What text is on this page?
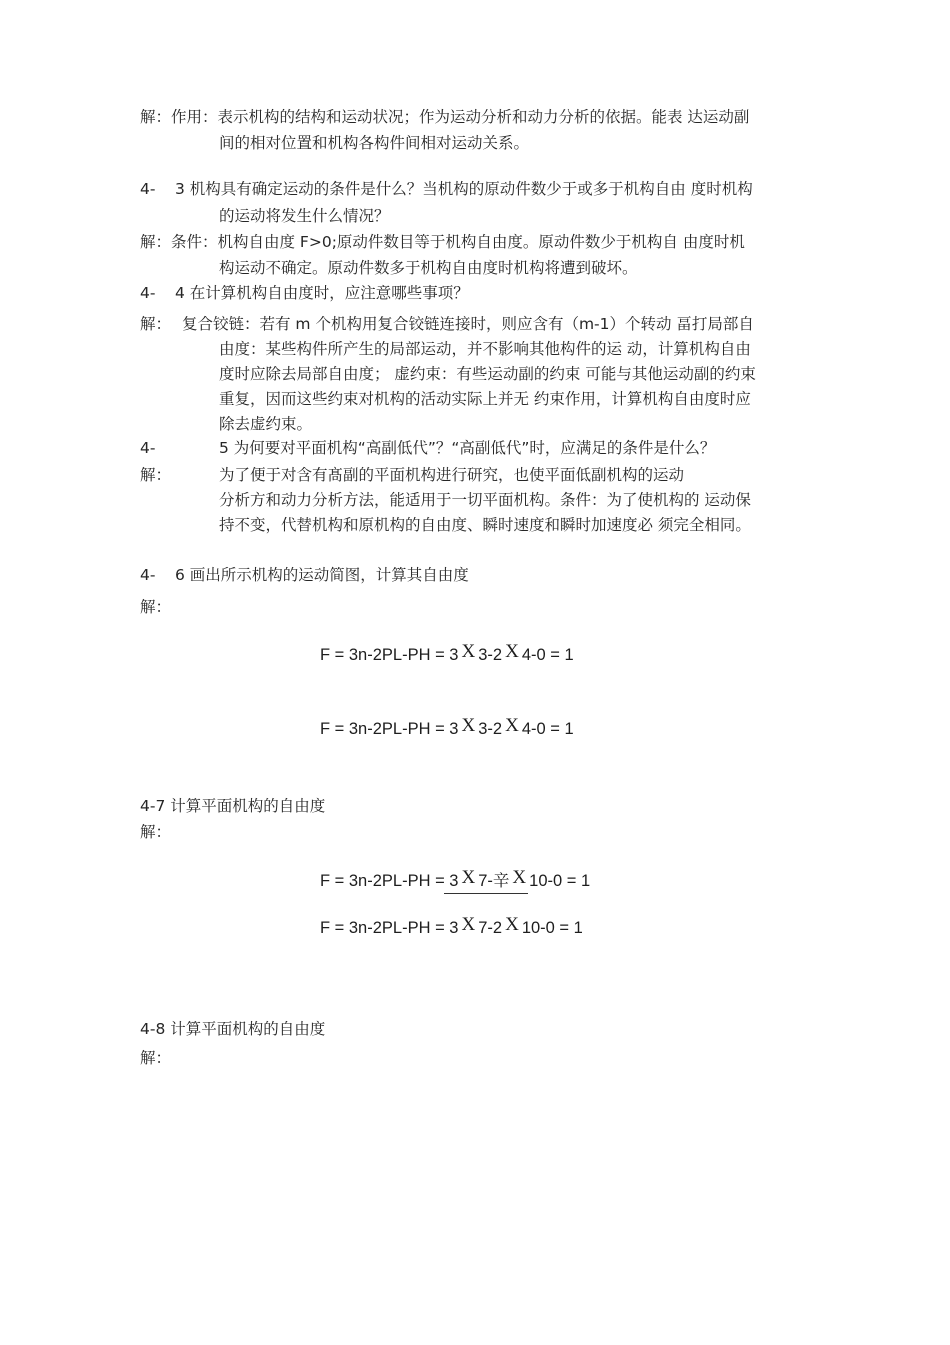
解：作用：表示机构的结构和运动状况；作为运动分析和动力分析的依据。能表 达运动副
间的相对位置和机构各构件间相对运动关系。
4- 3 机构具有确定运动的条件是什么？当机构的原动件数少于或多于机构自由 度时机构
的运动将发生什么情况？
解：条件：机构自由度 F>0;原动件数目等于机构自由度。原动件数少于机构自 由度时机
构运动不确定。原动件数多于机构自由度时机构将遭到破坏。
4- 4 在计算机构自由度时，应注意哪些事项？
解： 复合铰链：若有 m 个机构用复合铰链连接时，则应含有（m-1）个转动 畐打局部自
由度：某些构件所产生的局部运动，并不影响其他构件的运 动，计算机构自由
度时应除去局部自由度； 虚约束：有些运动副的约束 可能与其他运动副的约束
重复，因而这些约束对机构的活动实际上并无 约束作用，计算机构自由度时应
除去虚约束。
4-	5 为何要对平面机构“高副低代”？“高副低代”时，应满足的条件是什么？
解：	为了便于对含有髙副的平面机构进行研究，也使平面低副机构的运动
分析方和动力分析方法，能适用于一切平面机构。条件：为了使机构的 运动保
持不变，代替机构和原机构的自由度、瞬时速度和瞬时加速度必 须完全相同。
4- 6 画出所示机构的运动简图，计算其自由度
解：
F = 3n-2PL-PH = 3 X 3-2 X 4-0 = 1
F = 3n-2PL-PH = 3 X 3-2 X 4-0 = 1
4-7 计算平面机构的自由度
解：
F = 3n-2PL-PH = 3 X 7-辛 X 10-0 = 1
F = 3n-2PL-PH = 3 X 7-2 X 10-0 = 1
4-8 计算平面机构的自由度
解：
